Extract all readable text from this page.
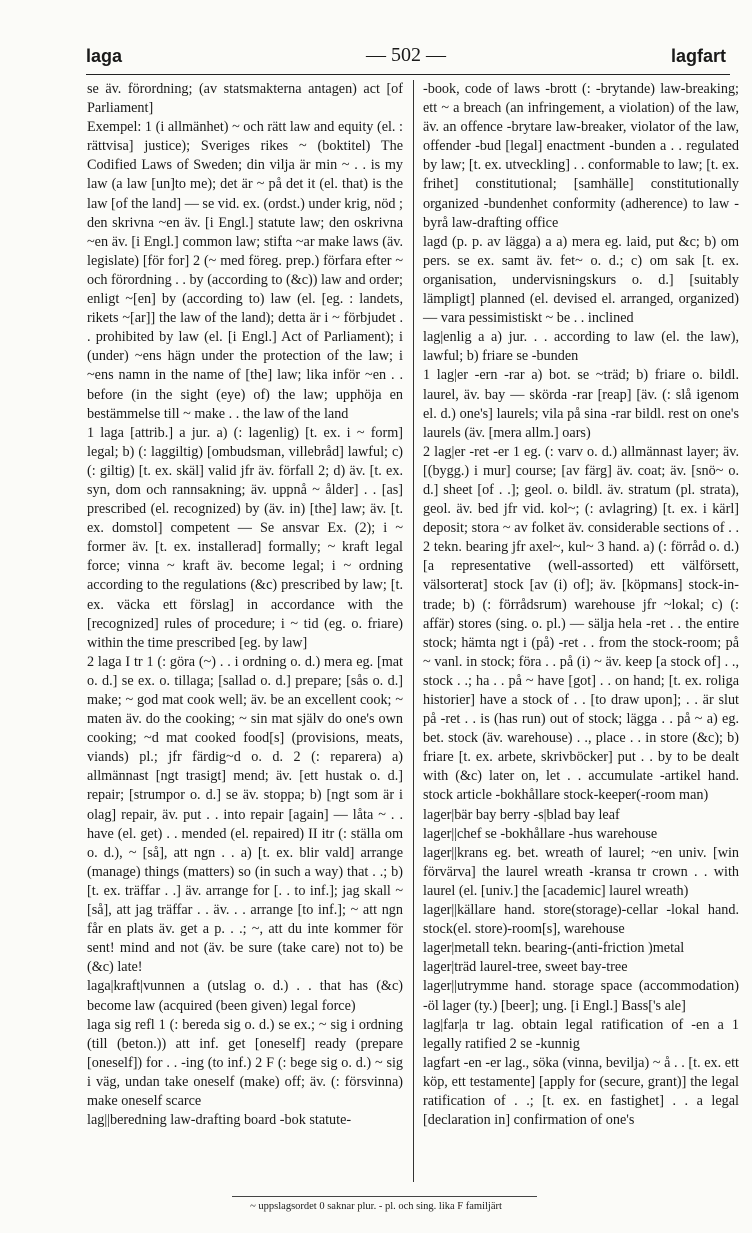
laga	— 502 —	lagfart

se äv. förordning; (av statsmakterna antagen) act [of Parliament]

Exempel: 1 (i allmänhet) ~ och rätt law and equity (el. : rättvisa] justice); Sveriges rikes ~ (boktitel) The Codified Laws of Sweden; din vilja är min ~ . . is my law (a law [un]to me); det är ~ på det it (el. that) is the law [of the land] — se vid. ex. (ordst.) under krig, nöd ; den skrivna ~en äv. [i Engl.] statute law; den oskrivna ~en äv. [i Engl.] common law; stifta ~ar make laws (äv. legislate) [för for] 2 (~ med föreg. prep.) förfara efter ~ och förordning . . by (according to (&c)) law and order; enligt ~[en] by (according to) law (el. [eg. : landets, rikets ~[ar]] the law of the land); detta är i ~ förbjudet . . prohibited by law (el. [i Engl.] Act of Parliament); i (under) ~ens hägn under the protection of the law; i ~ens namn in the name of [the] law; lika inför ~en . . before (in the sight (eye) of) the law; upphöja en bestämmelse till ~ make . . the law of the land

1 laga [attrib.] a jur. a) (: lagenlig) [t. ex. i ~ form] legal; b) (: laggiltig) [ombudsman, villebråd] lawful; c) (: giltig) [t. ex. skäl] valid jfr äv. förfall 2; d) äv. [t. ex. syn, dom och rannsakning; äv. uppnå ~ ålder] . . [as] prescribed (el. recognized) by (äv. in) [the] law; äv. [t. ex. domstol] competent — Se ansvar Ex. (2); i ~ former äv. [t. ex. installerad] formally; ~ kraft legal force; vinna ~ kraft äv. become legal; i ~ ordning according to the regulations (&c) prescribed by law; [t. ex. väcka ett förslag] in accordance with the [recognized] rules of procedure; i ~ tid (eg. o. friare) within the time prescribed [eg. by law]

2 laga I tr 1 (: göra (~) . . i ordning o. d.) mera eg. [mat o. d.] se ex. o. tillaga; [sallad o. d.] prepare; [sås o. d.] make; ~ god mat cook well; äv. be an excellent cook; ~ maten äv. do the cooking; ~ sin mat själv do one's own cooking; ~d mat cooked food[s] (provisions, meats, viands) pl.; jfr färdig~d o. d. 2 (: reparera) a) allmännast [ngt trasigt] mend; äv. [ett hustak o. d.] repair; [strumpor o. d.] se äv. stoppa; b) [ngt som är i olag] repair, äv. put . . into repair [again] — låta ~ . . have (el. get) . . mended (el. repaired) II itr (: ställa om o. d.), ~ [så], att ngn . . a) [t. ex. blir vald] arrange (manage) things (matters) so (in such a way) that . .; b) [t. ex. träffar . .] äv. arrange for [. . to inf.]; jag skall ~ [så], att jag träffar . . äv. . . arrange [to inf.]; ~ att ngn får en plats äv. get a p. . .; ~, att du inte kommer för sent! mind and not (äv. be sure (take care) not to) be (&c) late!

laga|kraft|vunnen a (utslag o. d.) . . that has (&c) become law (acquired (been given) legal force)

laga sig refl 1 (: bereda sig o. d.) se ex.; ~ sig i ordning (till (beton.)) att inf. get [oneself] ready (prepare [oneself]) for . . -ing (to inf.) 2 F (: bege sig o. d.) ~ sig i väg, undan take oneself (make) off; äv. (: försvinna) make oneself scarce

lag||beredning law-drafting board -bok statute-

-book, code of laws -brott (: -brytande) law-breaking; ett ~ a breach (an infringement, a violation) of the law, äv. an offence -brytare law-breaker, violator of the law, offender -bud [legal] enactment -bunden a . . regulated by law; [t. ex. utveckling] . . conformable to law; [t. ex. frihet] constitutional; [samhälle] constitutionally organized -bundenhet conformity (adherence) to law -byrå law-drafting office

lagd (p. p. av lägga) a a) mera eg. laid, put &c; b) om pers. se ex. samt äv. fet~ o. d.; c) om sak [t. ex. organisation, undervisningskurs o. d.] [suitably lämpligt] planned (el. devised el. arranged, organized) — vara pessimistiskt ~ be . . inclined

lag|enlig a a) jur. . . according to law (el. the law), lawful; b) friare se -bunden

1 lag|er -ern -rar a) bot. se ~träd; b) friare o. bildl. laurel, äv. bay — skörda -rar [reap] [äv. (: slå igenom el. d.) one's] laurels; vila på sina -rar bildl. rest on one's laurels (äv. [mera allm.] oars)

2 lag|er -ret -er 1 eg. (: varv o. d.) allmännast layer; äv. [(bygg.) i mur] course; [av färg] äv. coat; äv. [snö~ o. d.] sheet [of . .]; geol. o. bildl. äv. stratum (pl. strata), geol. äv. bed jfr vid. kol~; (: avlagring) [t. ex. i kärl] deposit; stora ~ av folket äv. considerable sections of . . 2 tekn. bearing jfr axel~, kul~ 3 hand. a) (: förråd o. d.) [a representative (well-assorted) ett välförsett, välsorterat] stock [av (i) of]; äv. [köpmans] stock-in-trade; b) (: förrådsrum) warehouse jfr ~lokal; c) (: affär) stores (sing. o. pl.) — sälja hela -ret . . the entire stock; hämta ngt i (på) -ret . . from the stock-room; på ~ vanl. in stock; föra . . på (i) ~ äv. keep [a stock of] . ., stock . .; ha . . på ~ have [got] . . on hand; [t. ex. roliga historier] have a stock of . . [to draw upon]; . . är slut på -ret . . is (has run) out of stock; lägga . . på ~ a) eg. bet. stock (äv. warehouse) . ., place . . in store (&c); b) friare [t. ex. arbete, skrivböcker] put . . by to be dealt with (&c) later on, let . . accumulate -artikel hand. stock article -bokhållare stock-keeper(-room man)

lager|bär bay berry -s|blad bay leaf

lager||chef se -bokhållare -hus warehouse

lager||krans eg. bet. wreath of laurel; ~en univ. [win förvärva] the laurel wreath -kransa tr crown . . with laurel (el. [univ.] the [academic] laurel wreath)

lager||källare hand. store(storage)-cellar -lokal hand. stock(el. store)-room[s], warehouse

lager|metall tekn. bearing-(anti-friction )metal

lager|träd laurel-tree, sweet bay-tree

lager||utrymme hand. storage space (accommodation) -öl lager (ty.) [beer]; ung. [i Engl.] Bass['s ale]

lag|far|a tr lag. obtain legal ratification of -en a 1 legally ratified 2 se -kunnig

lagfart -en -er lag., söka (vinna, bevilja) ~ å . . [t. ex. ett köp, ett testamente] [apply for (secure, grant)] the legal ratification of . .; [t. ex. en fastighet] . . a legal [declaration in] confirmation of one's

~ uppslagsordet 0 saknar plur. - pl. och sing. lika F familjärt
